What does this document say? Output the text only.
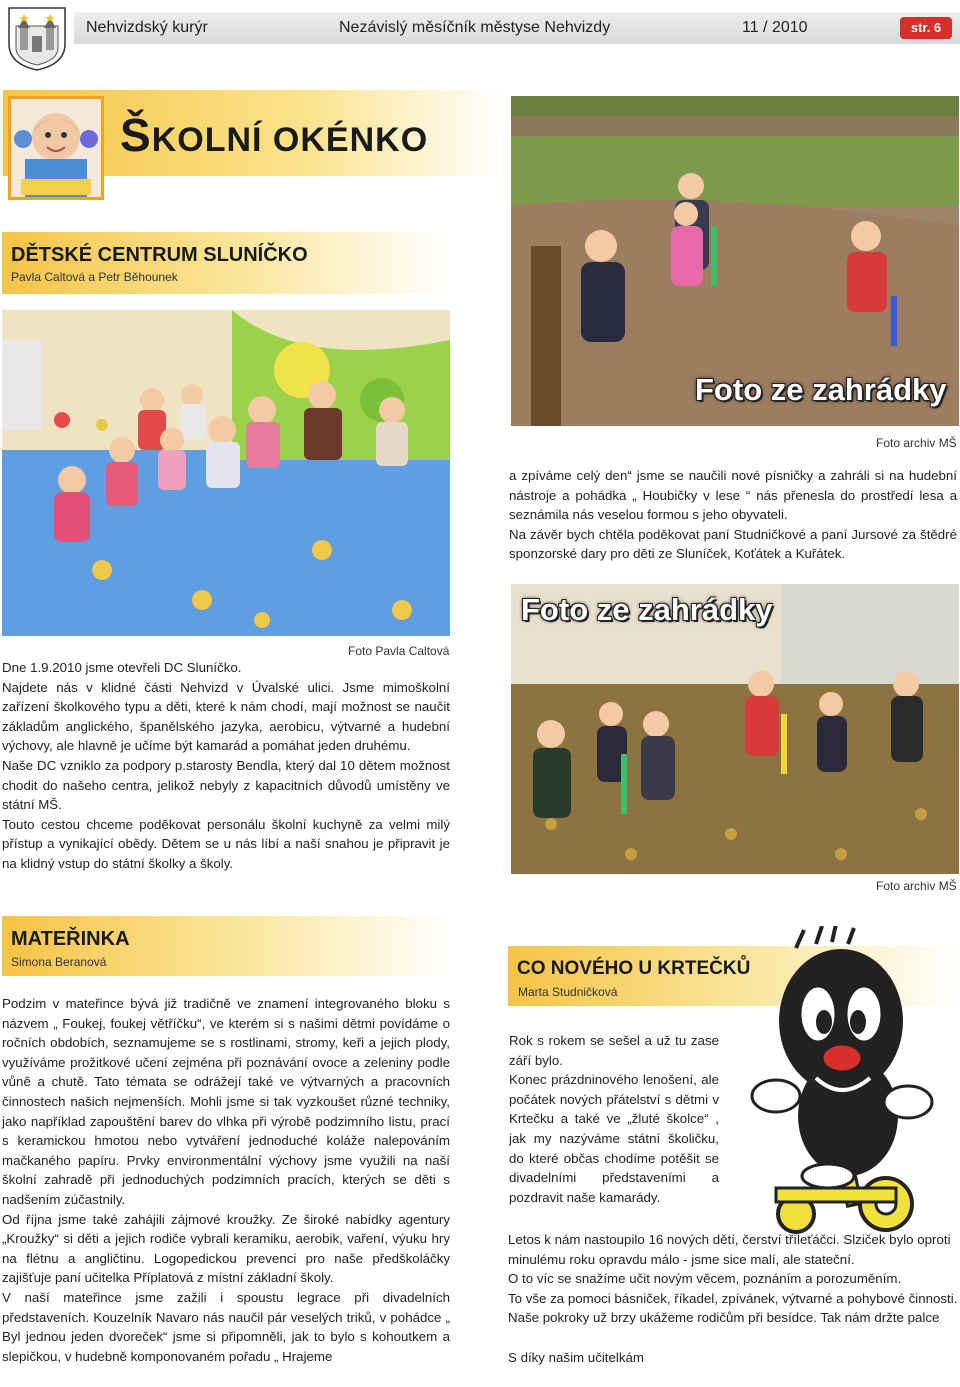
Nehvizdský kurýr	Nezávislý měsíčník městyse Nehvizdy	11 / 2010	str. 6
ŠKOLNÍ OKÉNKO
DĚTSKÉ CENTRUM SLUNÍČKO
Pavla Caltová a Petr Běhounek
Foto Pavla Caltová

Dne 1.9.2010 jsme otevřeli DC Sluníčko.

Najdete nás v klidné části Nehvizd v Úvalské ulici. Jsme mimoškolní zařízení školkového typu a děti, které k nám chodí, mají možnost se naučit základům anglického, španělského jazyka, aerobicu, výtvarné a hudební výchovy, ale hlavně je učíme být kamarád a pomáhat jeden druhému.

Naše DC vzniklo za podpory p.starosty Bendla, který dal 10 dětem možnost chodit do našeho centra, jelikož nebyly z kapacitních důvodů umístěny ve státní MŠ.

Touto cestou chceme poděkovat personálu školní kuchyně za velmi milý přístup a vynikající obědy. Dětem se u nás líbí a naší snahou je připravit je na klidný vstup do státní školky a školy.

Foto ze zahrádky
Foto archiv MŠ

a zpíváme celý den“ jsme se naučili nové písničky a zahráli si na hudební nástroje a pohádka „ Houbičky v lese “ nás přenesla do prostředí lesa a seznámila nás veselou formou s jeho obyvateli.

Na závěr bych chtěla poděkovat paní Studničkové a paní Jursové za štědré sponzorské dary pro děti ze Sluníček, Koťátek a Kuřátek.

Foto ze zahrádky
Foto archiv MŠ
MATEŘINKA
Simona Beranová

Podzim v mateřince bývá již tradičně ve znamení integrovaného bloku s názvem „ Foukej, foukej větříčku“, ve kterém si s našimi dětmi povídáme o ročních obdobích, seznamujeme se s rostlinami, stromy, keři a jejich plody, využíváme prožitkové učení zejména při poznávání ovoce a zeleniny podle vůně a chutě. Tato témata se odrážejí také ve výtvarných a pracovních činnostech našich nejmenších. Mohli jsme si tak vyzkoušet různé techniky, jako například zapouštění barev do vlhka při výrobě podzimního listu, prací s keramickou hmotou nebo vytváření jednoduché koláže nalepováním mačkaného papíru. Prvky environmentální výchovy jsme využili na naší školní zahradě při jednoduchých podzimních pracích, kterých se děti s nadšením zúčastnily.

Od října jsme také zahájili zájmové kroužky. Ze široké nabídky agentury „Kroužky“ si děti a jejich rodiče vybrali keramiku, aerobik, vaření, výuku hry na flétnu a angličtinu. Logopedickou prevenci pro naše předškoláčky zajišťuje paní učitelka Příplatová z místní základní školy.

V naší mateřince jsme zažili i spoustu legrace při divadelních představeních. Kouzelník Navaro nás naučil pár veselých triků, v pohádce „ Byl jednou jeden dvoreček“ jsme si připomněli, jak to bylo s kohoutkem a slepičkou, v hudebně komponovaném pořadu „ Hrajeme

CO NOVÉHO U KRTEČKŮ
Marta Studničková

Rok s rokem se sešel a už tu zase září bylo.

Konec prázdninového lenošení, ale počátek nových přátelství s dětmi v Krtečku a také ve „žluté školce“ , jak my nazýváme státní školičku, do které občas chodíme potěšit se divadelními představeními a pozdravit naše kamarády.

Letos k nám nastoupilo 16 nových dětí, čerství tříleťáčci. Slziček bylo oproti minulému roku opravdu málo - jsme sice malí, ale stateční.

O to víc se snažíme učit novým věcem, poznáním a porozuměním.

To vše za pomoci básniček, říkadel, zpívánek, výtvarné a pohybové činnosti. Naše pokroky už brzy ukážeme rodičům při besídce. Tak nám držte palce

S díky našim učitelkám
